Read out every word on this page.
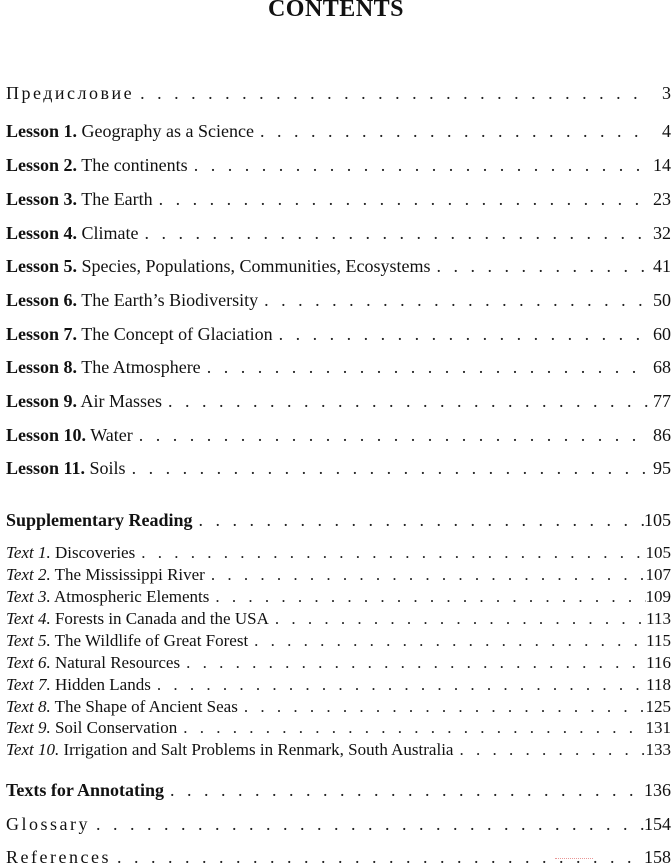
CONTENTS
Предисловие . . .	3
Lesson 1. Geography as a Science . . .	4
Lesson 2. The continents . . .	14
Lesson 3. The Earth . . .	23
Lesson 4. Climate . . .	32
Lesson 5. Species, Populations, Communities, Ecosystems . . .	41
Lesson 6. The Earth’s Biodiversity . . .	50
Lesson 7. The Concept of Glaciation . . .	60
Lesson 8. The Atmosphere . . .	68
Lesson 9. Air Masses . . .	77
Lesson 10. Water . . .	86
Lesson 11. Soils . . .	95
Supplementary Reading . . .	105
Text 1. Discoveries . . .	105
Text 2. The Mississippi River . . .	107
Text 3. Atmospheric Elements . . .	109
Text 4. Forests in Canada and the USA . . .	113
Text 5. The Wildlife of Great Forest . . .	115
Text 6. Natural Resources . . .	116
Text 7. Hidden Lands . . .	118
Text 8. The Shape of Ancient Seas . . .	125
Text 9. Soil Conservation . . .	131
Text 10. Irrigation and Salt Problems in Renmark, South Australia . . .	133
Texts for Annotating . . .	136
Glossary . . .	154
References . . .	158
